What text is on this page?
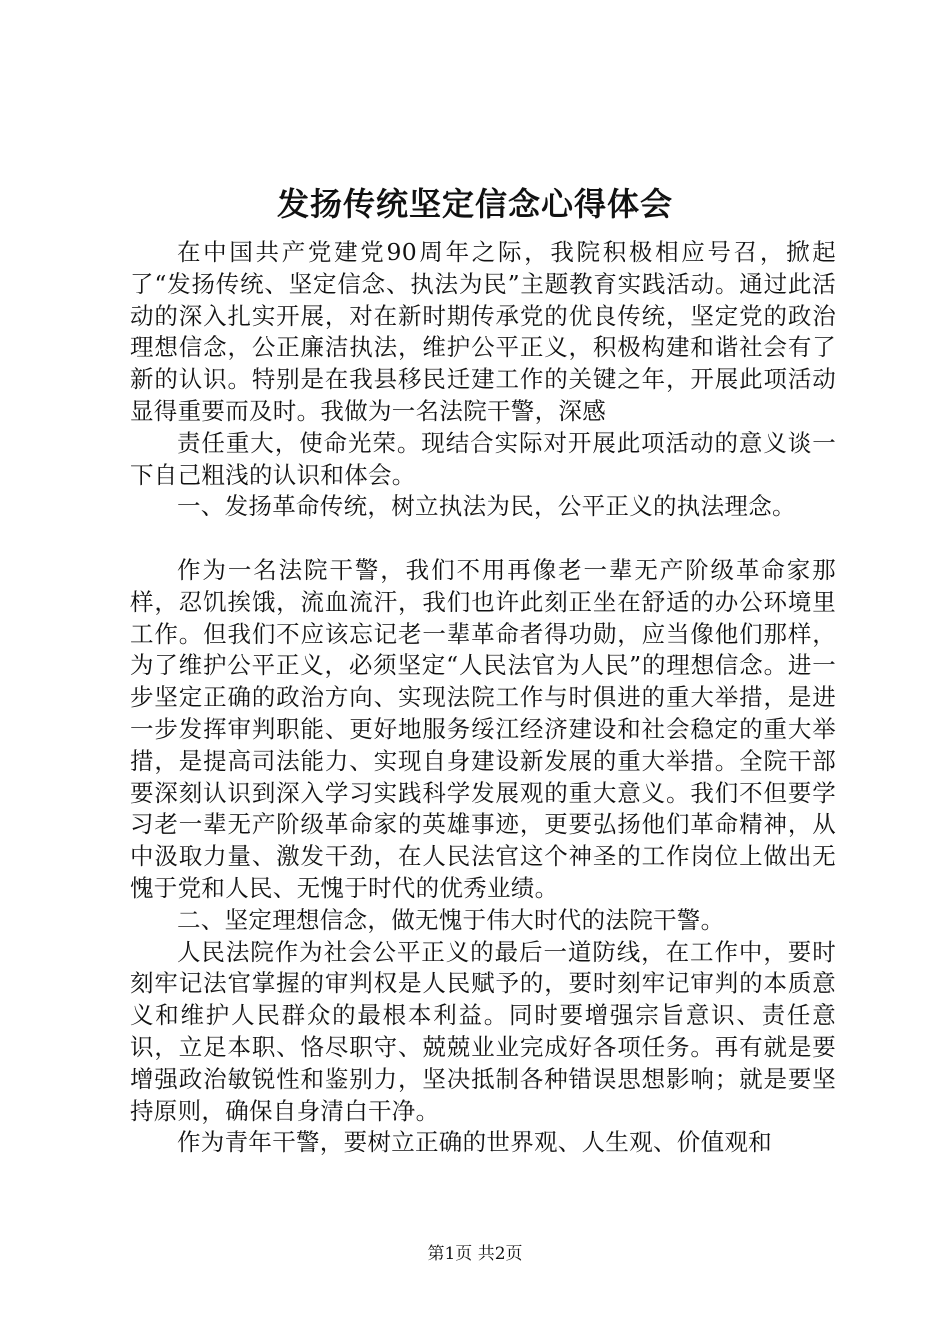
发扬传统坚定信念心得体会

在中国共产党建党90周年之际，我院积极相应号召，掀起了“发扬传统、坚定信念、执法为民”主题教育实践活动。通过此活动的深入扎实开展，对在新时期传承党的优良传统，坚定党的政治理想信念，公正廉洁执法，维护公平正义，积极构建和谐社会有了新的认识。特别是在我县移民迁建工作的关键之年，开展此项活动显得重要而及时。我做为一名法院干警，深感

责任重大，使命光荣。现结合实际对开展此项活动的意义谈一下自己粗浅的认识和体会。

一、发扬革命传统，树立执法为民，公平正义的执法理念。

作为一名法院干警，我们不用再像老一辈无产阶级革命家那样，忍饥挨饿，流血流汗，我们也许此刻正坐在舒适的办公环境里工作。但我们不应该忘记老一辈革命者得功勋，应当像他们那样，为了维护公平正义，必须坚定“人民法官为人民”的理想信念。进一步坚定正确的政治方向、实现法院工作与时俱进的重大举措，是进一步发挥审判职能、更好地服务绥江经济建设和社会稳定的重大举措，是提高司法能力、实现自身建设新发展的重大举措。全院干部要深刻认识到深入学习实践科学发展观的重大意义。我们不但要学习老一辈无产阶级革命家的英雄事迹，更要弘扬他们革命精神，从中汲取力量、激发干劲，在人民法官这个神圣的工作岗位上做出无愧于党和人民、无愧于时代的优秀业绩。

二、坚定理想信念，做无愧于伟大时代的法院干警。

人民法院作为社会公平正义的最后一道防线，在工作中，要时刻牢记法官掌握的审判权是人民赋予的，要时刻牢记审判的本质意义和维护人民群众的最根本利益。同时要增强宗旨意识、责任意识，立足本职、恪尽职守、兢兢业业完成好各项任务。再有就是要增强政治敏锐性和鉴别力，坚决抵制各种错误思想影响；就是要坚持原则，确保自身清白干净。

作为青年干警，要树立正确的世界观、人生观、价值观和

第1页 共2页
